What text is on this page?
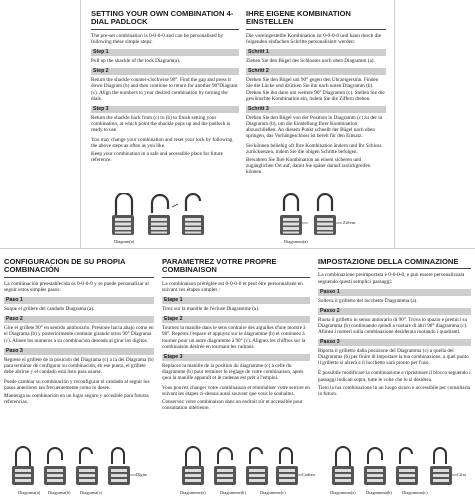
SETTING YOUR OWN COMBINATION 4-DIAL PADLOCK
The pre-set combination is 0-0-0-0 and can be personalised by following these simple steps:
Step 1
Pull up the shackle of the lock Diagram(a).
Step 2
Return the shackle counter-clockwise 90°. Find the gap and press it down Diagram (b) and then continue to return for another 90°Diagram (c). Align the numbers to your desired combination by turning the dials.
Step 3
Return the shackle back from (c) to (b) to finish setting your combination, at which point the shackle pops up and the padlock is ready to use.
You may change your combination and reset your lock by following the above steps as often as you like.
Keep your combination in a safe and accessible place for future reference.
IHRE EIGENE KOMBINATION EINSTELLEN
Die voreingestellte Kombination ist 0-0-0-0 und kann durch die folgenden einfachen Schritte personalisiert werden:
Schritt 1
Ziehen Sie den Bügel des Schlosses nach oben Diagramm (a).
Schritt 2
Drehen Sie den Bügel um 90° gegen den Uhrzeigersinn. Finden Sie die Lücke und drücken Sie ihn nach unten Diagramm (b). Drehen Sie ihn dann um weitere 90° Diagramm (c). Stellen Sie die gewünschte Kombination ein, indem Sie die Ziffern drehen.
Schritt 3
Drehen Sie den Bügel von der Position in Diagramm (c) zu der in Diagramm (b), um die Einstellung Ihrer Kombination abzuschließen. An diesem Punkt schnellt der Bügel nach oben springen, das Vorhängeschloss ist bereit für den Einsatz.
Sie können beliebig oft Ihre Kombination ändern und Ihr Schloss zurücksetzen, indem Sie die obigen Schritte befolgen.
Bewahren Sie Ihre Kombination an einem sicheren und zugänglichen Ort auf, damit Sie später darauf zurückgreifen können.
Diagram(a)	Diagramm(a)
Ziffern
CONFIGURACIÓN DE SU PROPIA COMBINACIÓN
La combinación preestablecida es 0-0-0-0 y se puede personalizar al seguir estos simples pasos:
Paso 1
Suque el grillete del candado Diagrama (a).
Paso 2
Gire el grillete 90° en sentido antihorario. Presione hacia abajo como en el Diagrama (b) y posteriormente continúe girando otros 90° Diagrama (c). Alinee los números a su combinación deseada al girar los dígitos.
Paso 3
Regrese el grillete de la posición del Diagrama (c) a la del Diagrama (b) para terminar de configurar su combinación, en ese punto, el grillete debe abrirse y el candado está listo para usarse.
Puede cambiar su combinación y reconfigurar el candado al seguir los pasos anteriores tan frecuentemente como lo desee.
Mantenga su combinación en un lugar seguro y accesible para futuras referencias.
PARAMETREZ VOTRE PROPRE COMBINAISON
La combinaison préréglée est 0-0-0-0 et peut être personnalisée en suivant ces étapes simples :
Etape 1
Tirez sur la manille de l'écluse Diagramme (a).
Etape 2
Tournez la manille dans le sens contraire des aiguilles d'une montre à 90°. Repérez l'espace et appuyez sur le diagramme (b) et continuez à tourner pour un autre diagramme à 90° (c). Alignez les chiffres sur la combinaison désirée en tournant les cadrans.
Etape 3
Replacez la manille de la position du diagramme (c) à celle du diagramme (b) pour terminer le réglage de votre combinaison, après quoi la manille apparaît et le cadenas est prêt à l'emploi.
Vous pouvez changer votre combinaison et réinitialiser votre serrure en suivant les étapes ci-dessus aussi souvent que vous le souhaitez.
Conservez votre combinaison dans un endroit sûr et accessible pour consultation ultérieure.
IMPOSTAZIONE DELLA COMINAZIONE
La combinazione preimpostata è 0-0-0-0, e può essere personalizzata seguendo questi semplici passaggi:
Passo 1
Solleva il grilletto del lucchetto Diagramma (a).
Passo 2
Ruota il grilletto in senso antiorario di 90°. Trova lo spazio e premici su Diagramma (b) continuando quindi a ruotare di altri 90° diagramma (c). Allinea i numeri sulla combinazione desiderata ruotando i quadranti.
Passo 3
Riporta il grilletto dalla posizione del Diagramma (c) a quella del Diagramma (b) per finire di impostare la tua combinazione, a quel punto il grilletto si alzerà e il lucchetto sarà pronto per l'uso.
È possibile modificare la combinazione e ripristinare il blocco seguendo i passaggi indicati sopra, tutte le volte che lo si desidera.
Tieni la tua combinazione in un luogo sicuro e accessibile per consultarla in futuro.
Dígito
Diagrama(a) Diagrama(b) Diagrama(c)
Cadran
Diagramme(a)	Diagramme(b)	Diagramme(c)
Cifra
Diagramma(a) Diagramma(b) Diagramma(c)
